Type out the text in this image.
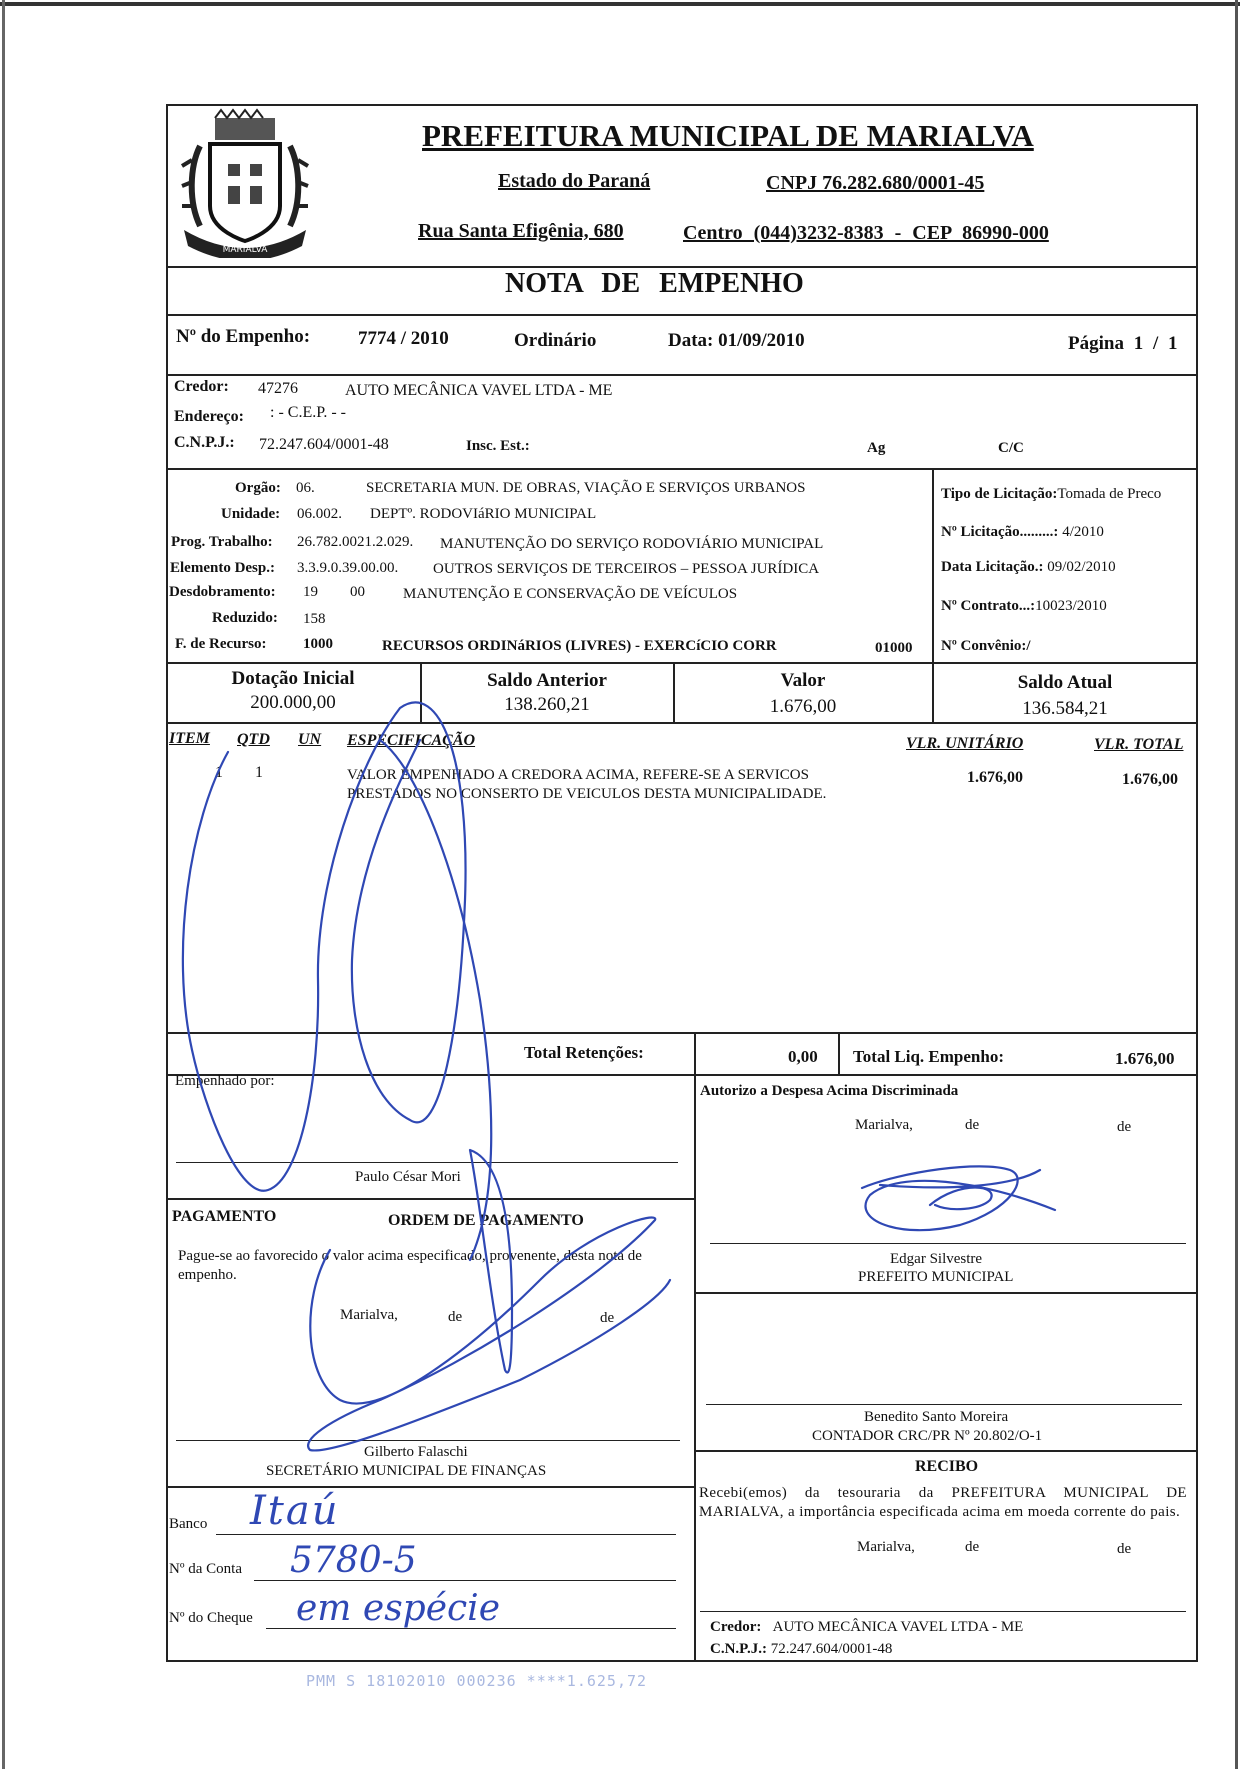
MARIALVA
PREFEITURA MUNICIPAL DE MARIALVA
Estado do Paraná	CNPJ 76.282.680/0001-45
Rua Santa Efigênia, 680	Centro (044)3232-8383 - CEP 86990-000
NOTA DE EMPENHO
Nº do Empenho:	7774 / 2010	Ordinário	Data: 01/09/2010	Página 1 / 1
Credor: 47276	AUTO MECÂNICA VAVEL LTDA - ME
Endereço: : - C.E.P. - -
C.N.P.J.: 72.247.604/0001-48	Insc. Est.:	Ag	C/C
Orgão: 06.	SECRETARIA MUN. DE OBRAS, VIAÇÃO E SERVIÇOS URBANOS
Unidade: 06.002. DEPTº. RODOVIáRIO MUNICIPAL
Prog. Trabalho: 26.782.0021.2.029. MANUTENÇÃO DO SERVIÇO RODOVIÁRIO MUNICIPAL
Elemento Desp.: 3.3.9.0.39.00.00. OUTROS SERVIÇOS DE TERCEIROS – PESSOA JURÍDICA
Desdobramento: 19 00	MANUTENÇÃO E CONSERVAÇÃO DE VEÍCULOS
Reduzido: 158
F. de Recurso: 1000	RECURSOS ORDINáRIOS (LIVRES) - EXERCíCIO CORR	01000
Tipo de Licitação:Tomada de Preco
Nº Licitação.........: 4/2010
Data Licitação.: 09/02/2010
Nº Contrato...:10023/2010
Nº Convênio:/
Dotação Inicial
200.000,00
Saldo Anterior
138.260,21
Valor
1.676,00
Saldo Atual
136.584,21
ITEM QTD UN ESPECIFICAÇÃO	VLR. UNITÁRIO	VLR. TOTAL
1 1	VALOR EMPENHADO A CREDORA ACIMA, REFERE-SE A SERVICOS
PRESTADOS NO CONSERTO DE VEICULOS DESTA MUNICIPALIDADE.
1.676,00	1.676,00
Total Retenções:	0,00 Total Liq. Empenho:	1.676,00
Empenhado por:
Paulo César Mori
PAGAMENTO	ORDEM DE PAGAMENTO
Pague-se ao favorecido o valor acima especificado, provenente, desta nota de empenho.
Marialva,	de	de
Gilberto Falaschi
SECRETÁRIO MUNICIPAL DE FINANÇAS
Banco Itaú
Nº da Conta 5780-5
Nº do Cheque em espécie
Autorizo a Despesa Acima Discriminada
Marialva,	de	de
Edgar Silvestre
PREFEITO MUNICIPAL
Benedito Santo Moreira
CONTADOR CRC/PR Nº 20.802/O-1
RECIBO
Recebi(emos) da tesouraria da PREFEITURA MUNICIPAL DE MARIALVA, a importância especificada acima em moeda corrente do pais.
Marialva,	de	de
Credor: AUTO MECÂNICA VAVEL LTDA - ME
C.N.P.J.: 72.247.604/0001-48
PMM S 18102010 000236 ****1.625,72
